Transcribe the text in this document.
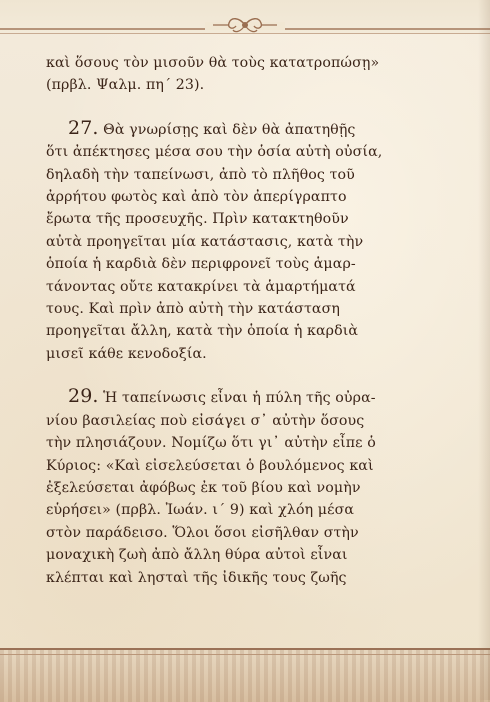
καὶ ὅσους τὸν μισοῦν θὰ τοὺς κατατροπώσῃ»
(πρβλ. Ψαλμ. πη΄ 23).

27. Θὰ γνωρίσῃς καὶ δὲν θὰ ἀπατηθῇς
ὅτι ἀπέκτησες μέσα σου τὴν ὁσία αὐτὴ οὐσία,
δηλαδὴ τὴν ταπείνωσι, ἀπὸ τὸ πλῆθος τοῦ
ἀρρήτου φωτὸς καὶ ἀπὸ τὸν ἀπερίγραπτο
ἔρωτα τῆς προσευχῆς. Πρὶν κατακτηθοῦν
αὐτὰ προηγεῖται μία κατάστασις, κατὰ τὴν
ὁποία ἡ καρδιὰ δὲν περιφρονεῖ τοὺς ἁμαρ-
τάνοντας οὔτε κατακρίνει τὰ ἁμαρτήματά
τους. Καὶ πρὶν ἀπὸ αὐτὴ τὴν κατάσταση
προηγεῖται ἄλλη, κατὰ τὴν ὁποία ἡ καρδιὰ
μισεῖ κάθε κενοδοξία.

29. Ἡ ταπείνωσις εἶναι ἡ πύλη τῆς οὐρα-
νίου βασιλείας ποὺ εἰσάγει σ᾽ αὐτὴν ὅσους
τὴν πλησιάζουν. Νομίζω ὅτι γι᾽ αὐτὴν εἶπε ὁ
Κύριος: «Καὶ εἰσελεύσεται ὁ βουλόμενος καὶ
ἐξελεύσεται ἀφόβως ἐκ τοῦ βίου καὶ νομὴν
εὑρήσει» (πρβλ. Ἰωάν. ι΄ 9) καὶ χλόη μέσα
στὸν παράδεισο. Ὅλοι ὅσοι εἰσῆλθαν στὴν
μοναχικὴ ζωὴ ἀπὸ ἄλλη θύρα αὐτοὶ εἶναι
κλέπται καὶ λησταὶ τῆς ἰδικῆς τους ζωῆς
